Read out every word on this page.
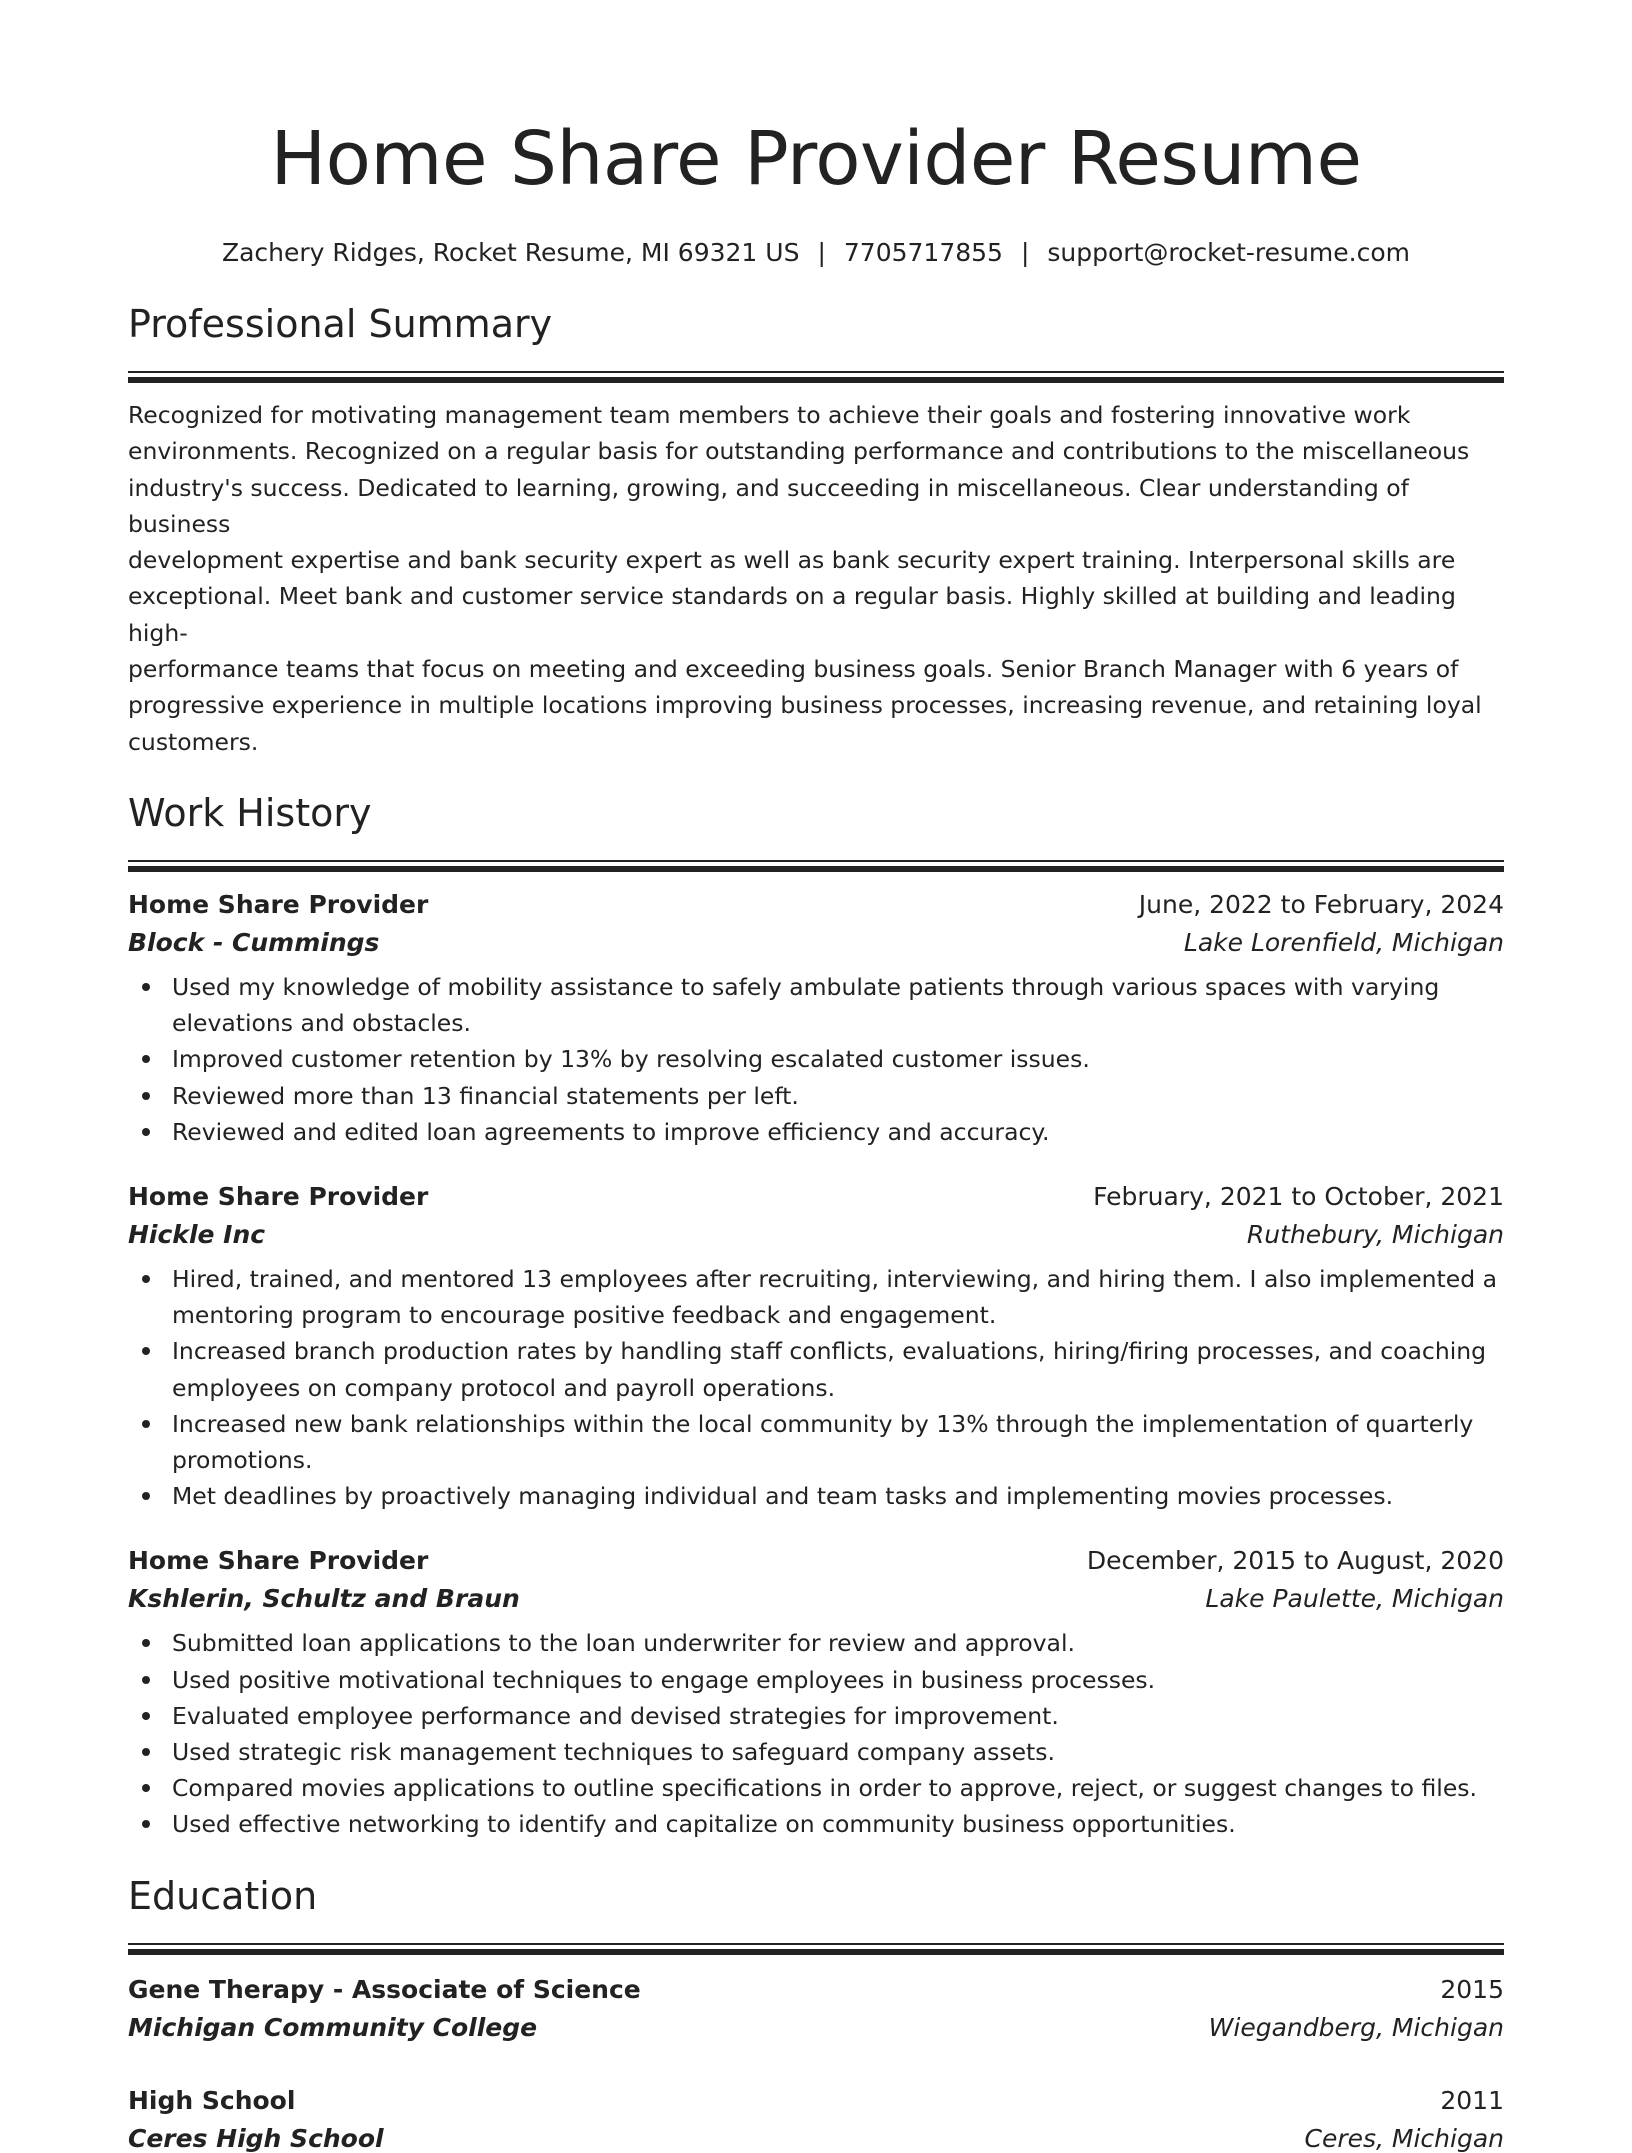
Home Share Provider Resume
Zachery Ridges, Rocket Resume, MI 69321 US | 7705717855 | support@rocket-resume.com
Professional Summary
Recognized for motivating management team members to achieve their goals and fostering innovative work
environments. Recognized on a regular basis for outstanding performance and contributions to the miscellaneous
industry's success. Dedicated to learning, growing, and succeeding in miscellaneous. Clear understanding of business
development expertise and bank security expert as well as bank security expert training. Interpersonal skills are
exceptional. Meet bank and customer service standards on a regular basis. Highly skilled at building and leading high-
performance teams that focus on meeting and exceeding business goals. Senior Branch Manager with 6 years of
progressive experience in multiple locations improving business processes, increasing revenue, and retaining loyal
customers.
Work History
Home Share Provider	June, 2022 to February, 2024
Block - Cummings	Lake Lorenfield, Michigan
Used my knowledge of mobility assistance to safely ambulate patients through various spaces with varying
elevations and obstacles.
Improved customer retention by 13% by resolving escalated customer issues.
Reviewed more than 13 financial statements per left.
Reviewed and edited loan agreements to improve efficiency and accuracy.
Home Share Provider	February, 2021 to October, 2021
Hickle Inc	Ruthebury, Michigan
Hired, trained, and mentored 13 employees after recruiting, interviewing, and hiring them. I also implemented a
mentoring program to encourage positive feedback and engagement.
Increased branch production rates by handling staff conflicts, evaluations, hiring/firing processes, and coaching
employees on company protocol and payroll operations.
Increased new bank relationships within the local community by 13% through the implementation of quarterly
promotions.
Met deadlines by proactively managing individual and team tasks and implementing movies processes.
Home Share Provider	December, 2015 to August, 2020
Kshlerin, Schultz and Braun	Lake Paulette, Michigan
Submitted loan applications to the loan underwriter for review and approval.
Used positive motivational techniques to engage employees in business processes.
Evaluated employee performance and devised strategies for improvement.
Used strategic risk management techniques to safeguard company assets.
Compared movies applications to outline specifications in order to approve, reject, or suggest changes to files.
Used effective networking to identify and capitalize on community business opportunities.
Education
Gene Therapy - Associate of Science	2015
Michigan Community College	Wiegandberg, Michigan
High School	2011
Ceres High School	Ceres, Michigan
